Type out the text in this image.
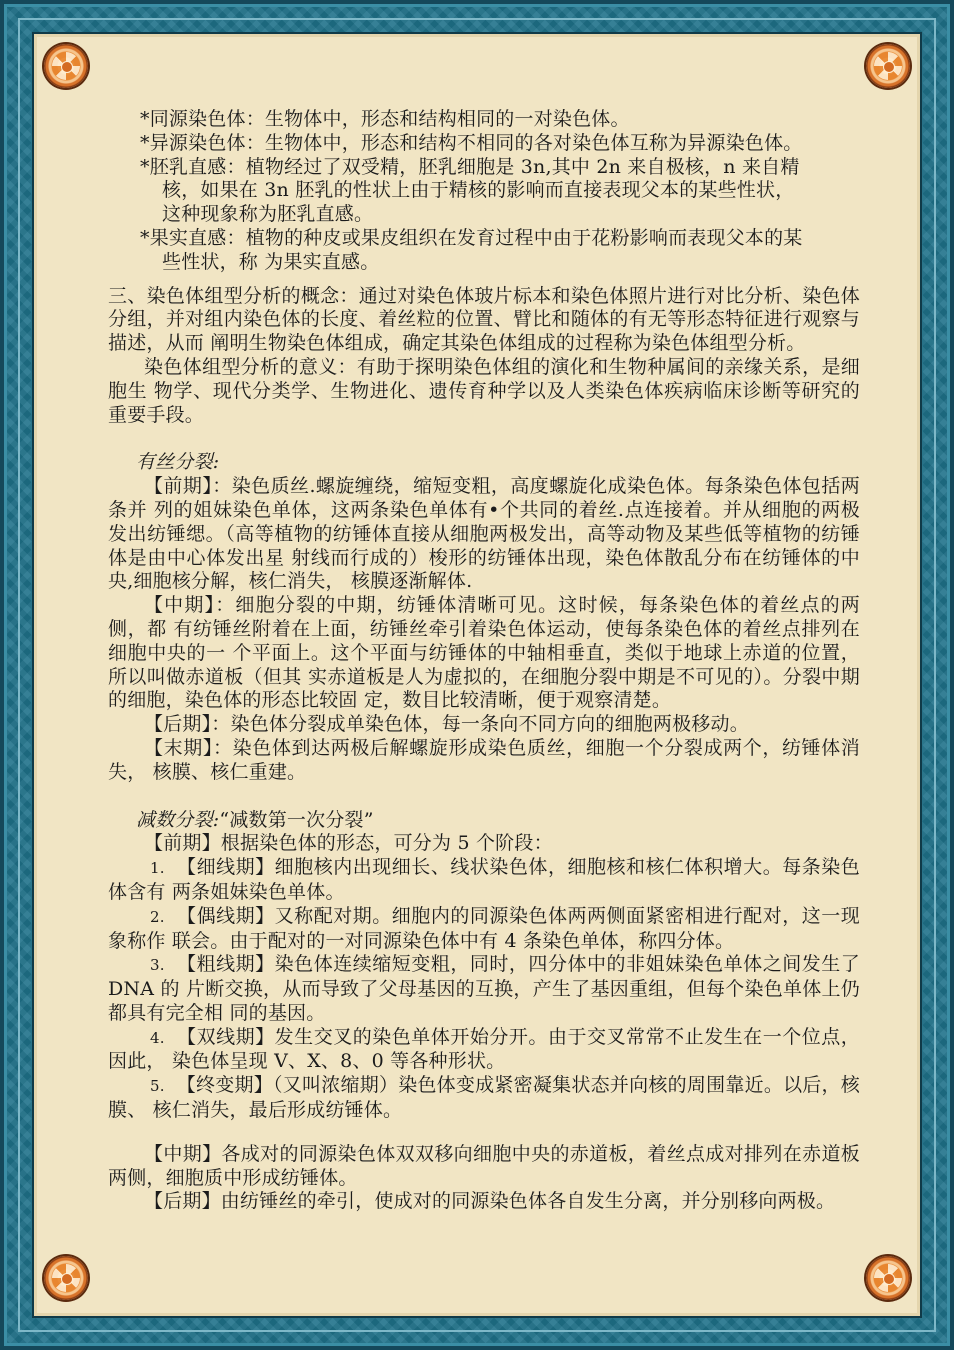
*同源染色体：生物体中，形态和结构相同的一对染色体。

*异源染色体：生物体中，形态和结构不相同的各对染色体互称为异源染色体。

*胚乳直感：植物经过了双受精，胚乳细胞是 3n,其中 2n 来自极核，n 来自精

核，如果在 3n 胚乳的性状上由于精核的影响而直接表现父本的某些性状，

这种现象称为胚乳直感。

*果实直感：植物的种皮或果皮组织在发育过程中由于花粉影响而表现父本的某

些性状，称 为果实直感。

三、染色体组型分析的概念：通过对染色体玻片标本和染色体照片进行对比分析、染色体分组，并对组内染色体的长度、着丝粒的位置、臂比和随体的有无等形态特征进行观察与描述，从而 阐明生物染色体组成，确定其染色体组成的过程称为染色体组型分析。

染色体组型分析的意义：有助于探明染色体组的演化和生物种属间的亲缘关系，是细胞生 物学、现代分类学、生物进化、遗传育种学以及人类染色体疾病临床诊断等研究的重要手段。

有丝分裂:

【前期】：染色质丝.螺旋缠绕，缩短变粗，高度螺旋化成染色体。每条染色体包括两条并 列的姐妹染色单体，这两条染色单体有•个共同的着丝.点连接着。并从细胞的两极发出纺锤缌。（高等植物的纺锤体直接从细胞两极发出，高等动物及某些低等植物的纺锤体是由中心体发出星 射线而行成的）梭形的纺锤体出现，染色体散乱分布在纺锤体的中央,细胞核分解，核仁消失， 核膜逐渐解体.

【中期】：细胞分裂的中期，纺锤体清晰可见。这时候，每条染色体的着丝点的两侧，都 有纺锤丝附着在上面，纺锤丝牵引着染色体运动，使每条染色体的着丝点排列在细胞中央的一 个平面上。这个平面与纺锤体的中轴相垂直，类似于地球上赤道的位置，所以叫做赤道板（但其 实赤道板是人为虚拟的，在细胞分裂中期是不可见的）。分裂中期的细胞，染色体的形态比较固 定，数目比较清晰，便于观察清楚。

【后期】：染色体分裂成单染色体，每一条向不同方向的细胞两极移动。

【末期】：染色体到达两极后解螺旋形成染色质丝，细胞一个分裂成两个，纺锤体消失， 核膜、核仁重建。

减数分裂:“减数第一次分裂”

【前期】根据染色体的形态，可分为 5 个阶段：

1. 【细线期】细胞核内出现细长、线状染色体，细胞核和核仁体积增大。每条染色体含有 两条姐妹染色单体。

2. 【偶线期】又称配对期。细胞内的同源染色体两两侧面紧密相进行配对，这一现象称作 联会。由于配对的一对同源染色体中有 4 条染色单体，称四分体。

3. 【粗线期】染色体连续缩短变粗，同时，四分体中的非姐妹染色单体之间发生了 DNA 的 片断交换，从而导致了父母基因的互换，产生了基因重组，但每个染色单体上仍都具有完全相 同的基因。

4. 【双线期】发生交叉的染色单体开始分开。由于交叉常常不止发生在一个位点，因此， 染色体呈现 V、X、8、0 等各种形状。

5. 【终变期】（又叫浓缩期）染色体变成紧密凝集状态并向核的周围靠近。以后，核膜、 核仁消失，最后形成纺锤体。

【中期】各成对的同源染色体双双移向细胞中央的赤道板，着丝点成对排列在赤道板两侧，细胞质中形成纺锤体。

【后期】由纺锤丝的牵引，使成对的同源染色体各自发生分离，并分别移向两极。
